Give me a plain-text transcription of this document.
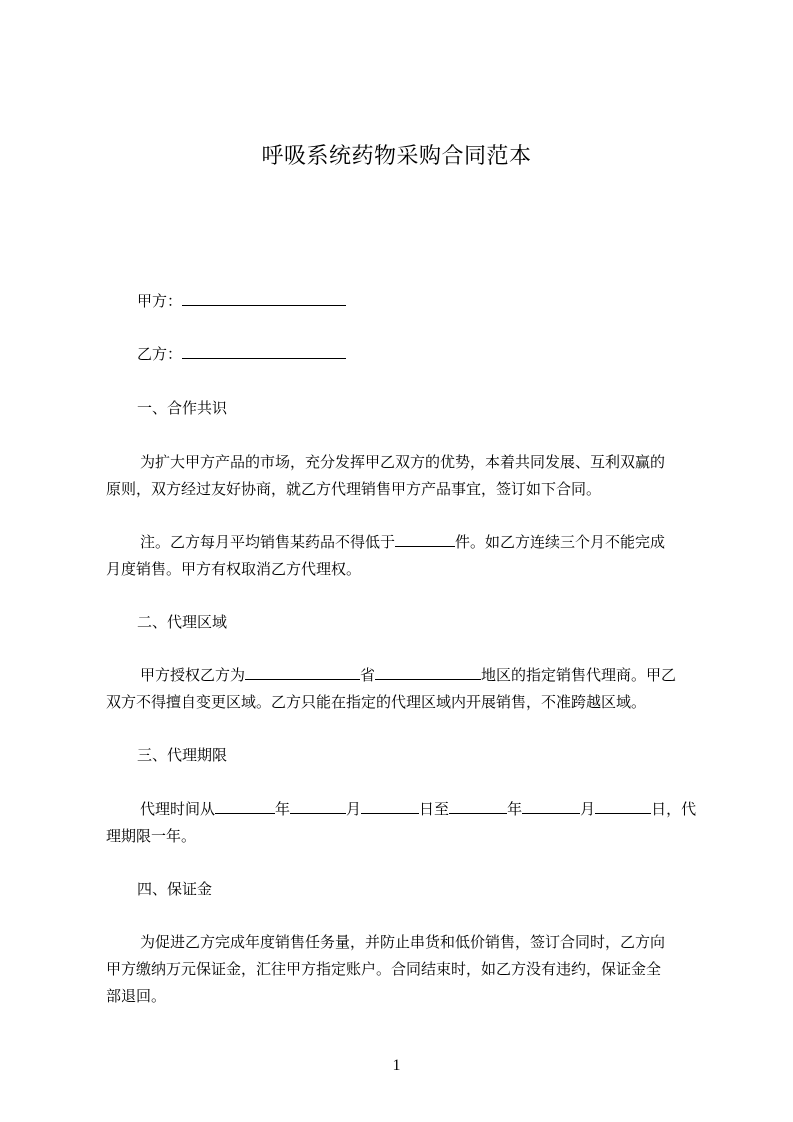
呼吸系统药物采购合同范本
甲方：
乙方：
一、合作共识
为扩大甲方产品的市场，充分发挥甲乙双方的优势，本着共同发展、互利双赢的
原则，双方经过友好协商，就乙方代理销售甲方产品事宜，签订如下合同。
注。乙方每月平均销售某药品不得低于	件。如乙方连续三个月不能完成
月度销售。甲方有权取消乙方代理权。
二、代理区域
甲方授权乙方为	省	地区的指定销售代理商。甲乙
双方不得擅自变更区域。乙方只能在指定的代理区域内开展销售，不准跨越区域。
三、代理期限
代理时间从	年	月	日至	年	月	日，代
理期限一年。
四、保证金
为促进乙方完成年度销售任务量，并防止串货和低价销售，签订合同时，乙方向
甲方缴纳万元保证金，汇往甲方指定账户。合同结束时，如乙方没有违约，保证金全
部退回。
1
